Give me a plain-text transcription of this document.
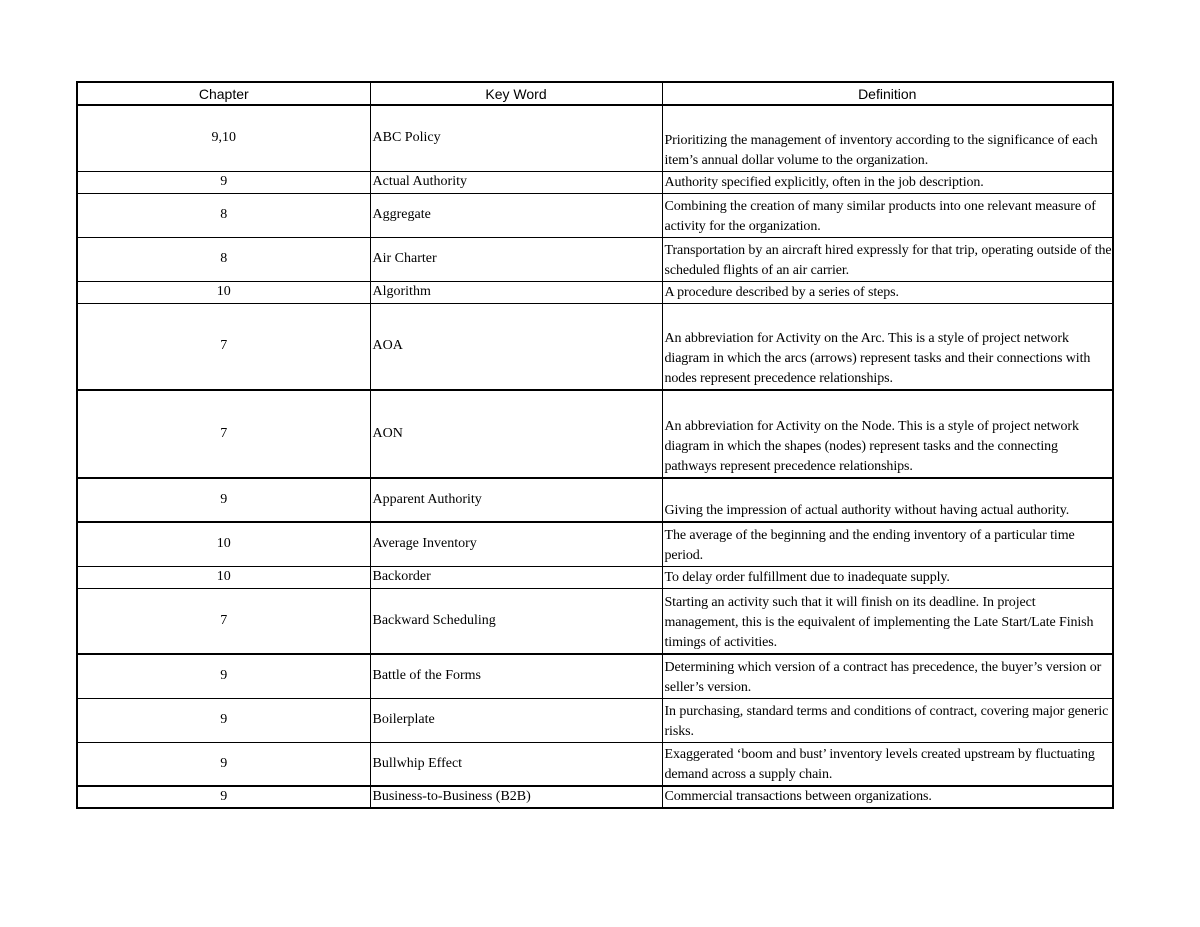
Chapter	Key Word	Definition
9,10	ABC Policy	Prioritizing the management of inventory according to the significance of each item’s annual dollar volume to the organization.
9	Actual Authority	Authority specified explicitly, often in the job description.
8	Aggregate	Combining the creation of many similar products into one relevant measure of activity for the organization.
8	Air Charter	Transportation by an aircraft hired expressly for that trip, operating outside of the scheduled flights of an air carrier.
10	Algorithm	A procedure described by a series of steps.
7	AOA	An abbreviation for Activity on the Arc. This is a style of project network diagram in which the arcs (arrows) represent tasks and their connections with nodes represent precedence relationships.
7	AON	An abbreviation for Activity on the Node. This is a style of project network diagram in which the shapes (nodes) represent tasks and the connecting pathways represent precedence relationships.
9	Apparent Authority	Giving the impression of actual authority without having actual authority.
10	Average Inventory	The average of the beginning and the ending inventory of a particular time period.
10	Backorder	To delay order fulfillment due to inadequate supply.
7	Backward Scheduling	Starting an activity such that it will finish on its deadline. In project management, this is the equivalent of implementing the Late Start/Late Finish timings of activities.
9	Battle of the Forms	Determining which version of a contract has precedence, the buyer’s version or seller’s version.
9	Boilerplate	In purchasing, standard terms and conditions of contract, covering major generic risks.
9	Bullwhip Effect	Exaggerated ‘boom and bust’ inventory levels created upstream by fluctuating demand across a supply chain.
9	Business-to-Business (B2B)	Commercial transactions between organizations.
